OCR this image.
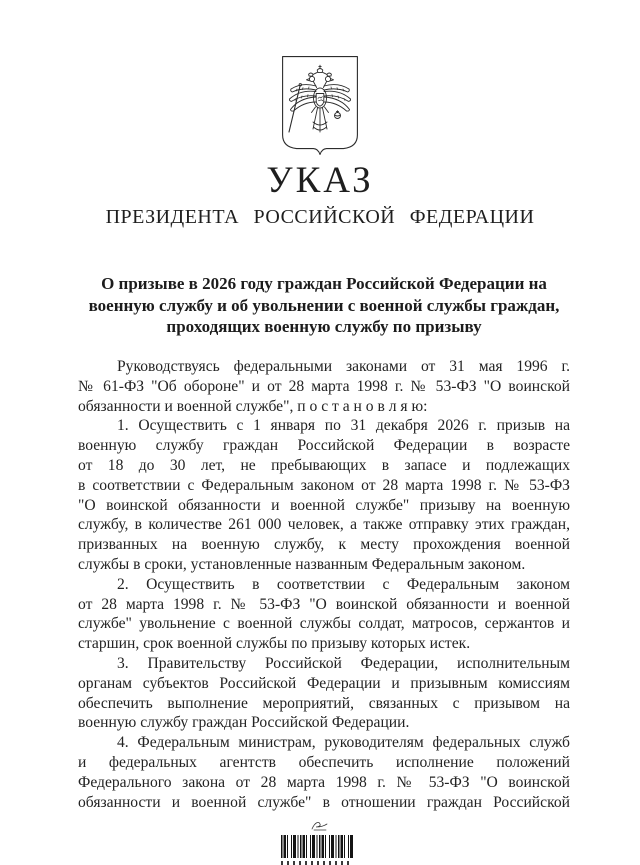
УКАЗ
ПРЕЗИДЕНТА РОССИЙСКОЙ ФЕДЕРАЦИИ
О призыве в 2026 году граждан Российской Федерации на
военную службу и об увольнении с военной службы граждан,
проходящих военную службу по призыву
Руководствуясь федеральными законами от 31 мая 1996 г.
№ 61-ФЗ "Об обороне" и от 28 марта 1998 г. № 53-ФЗ "О воинской
обязанности и военной службе", п о с т а н о в л я ю:
1. Осуществить с 1 января по 31 декабря 2026 г. призыв на
военную службу граждан Российской Федерации в возрасте
от 18 до 30 лет, не пребывающих в запасе и подлежащих
в соответствии с Федеральным законом от 28 марта 1998 г. № 53-ФЗ
"О воинской обязанности и военной службе" призыву на военную
службу, в количестве 261 000 человек, а также отправку этих граждан,
призванных на военную службу, к месту прохождения военной
службы в сроки, установленные названным Федеральным законом.
2. Осуществить в соответствии с Федеральным законом
от 28 марта 1998 г. № 53-ФЗ "О воинской обязанности и военной
службе" увольнение с военной службы солдат, матросов, сержантов и
старшин, срок военной службы по призыву которых истек.
3. Правительству Российской Федерации, исполнительным
органам субъектов Российской Федерации и призывным комиссиям
обеспечить выполнение мероприятий, связанных с призывом на
военную службу граждан Российской Федерации.
4. Федеральным министрам, руководителям федеральных служб
и федеральных агентств обеспечить исполнение положений
Федерального закона от 28 марта 1998 г. № 53-ФЗ "О воинской
обязанности и военной службе" в отношении граждан Российской
